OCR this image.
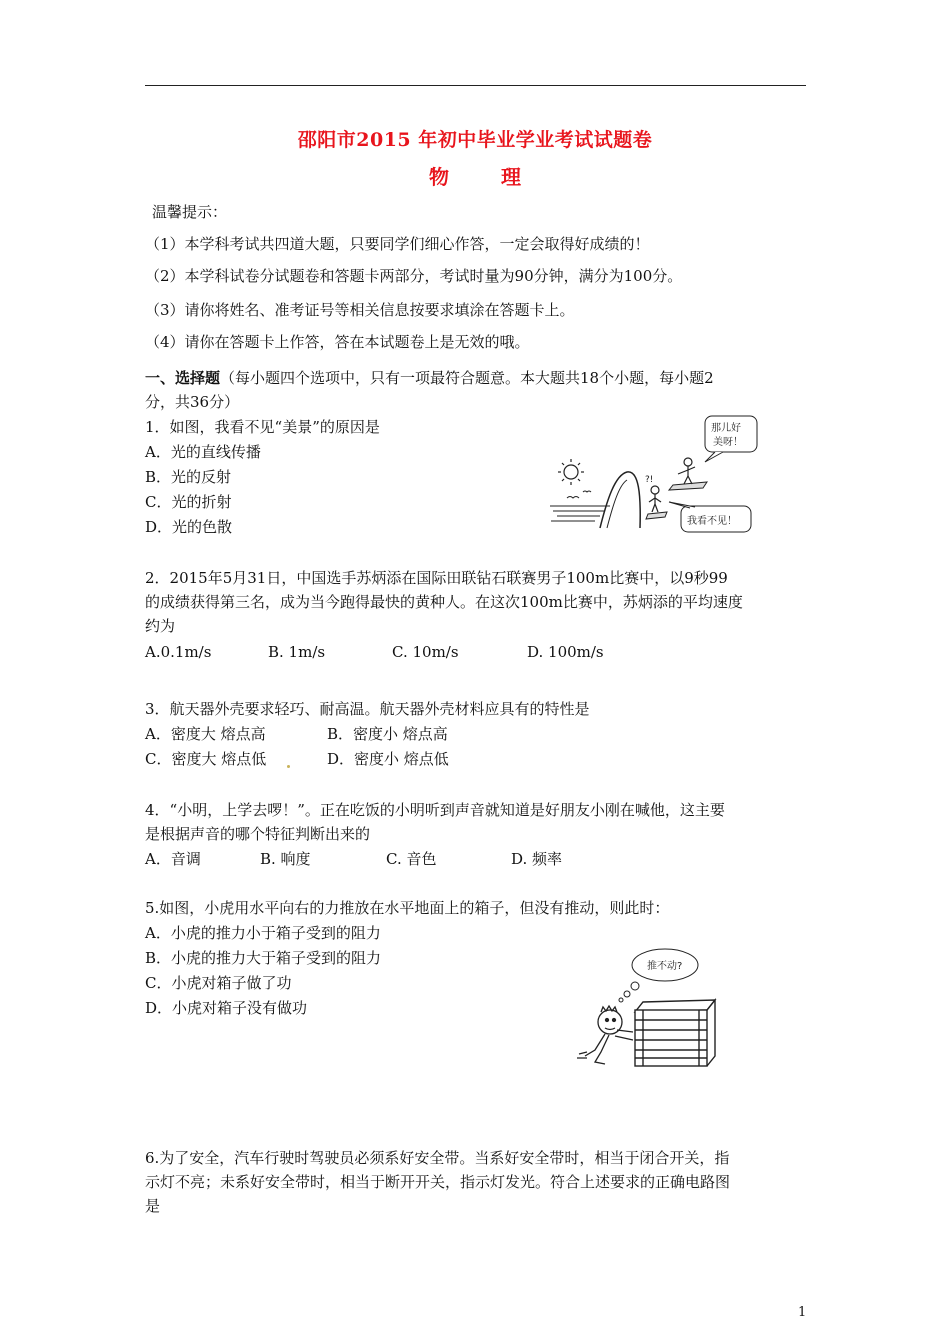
邵阳市2015 年初中毕业学业考试试题卷
物	理
温馨提示：
（1）本学科考试共四道大题，只要同学们细心作答，一定会取得好成绩的！
（2）本学科试卷分试题卷和答题卡两部分，考试时量为90分钟，满分为100分。
（3）请你将姓名、准考证号等相关信息按要求填涂在答题卡上。
（4）请你在答题卡上作答，答在本试题卷上是无效的哦。
一、选择题（每小题四个选项中，只有一项最符合题意。本大题共18个小题，每小题2
分，共36分）
1．如图，我看不见“美景”的原因是
A．光的直线传播
B．光的反射
C．光的折射
D．光的色散
?!
那儿好
美呀！
我看不见！
2．2015年5月31日，中国选手苏炳添在国际田联钻石联赛男子100m比赛中，以9秒99
的成绩获得第三名，成为当今跑得最快的黄种人。在这次100m比赛中，苏炳添的平均速度
约为
A.0.1m/s	B. 1m/s	C. 10m/s	D. 100m/s
3．航天器外壳要求轻巧、耐高温。航天器外壳材料应具有的特性是
A．密度大 熔点高	B．密度小 熔点高
C．密度大 熔点低	D．密度小 熔点低
4．“小明，上学去啰！”。正在吃饭的小明听到声音就知道是好朋友小刚在喊他，这主要
是根据声音的哪个特征判断出来的
A．音调	B. 响度	C. 音色	D. 频率
5.如图，小虎用水平向右的力推放在水平地面上的箱子，但没有推动，则此时：
A．小虎的推力小于箱子受到的阻力
B．小虎的推力大于箱子受到的阻力
C．小虎对箱子做了功
D．小虎对箱子没有做功
推不动?
6.为了安全，汽车行驶时驾驶员必须系好安全带。当系好安全带时，相当于闭合开关，指
示灯不亮；未系好安全带时，相当于断开开关，指示灯发光。符合上述要求的正确电路图
是
1
